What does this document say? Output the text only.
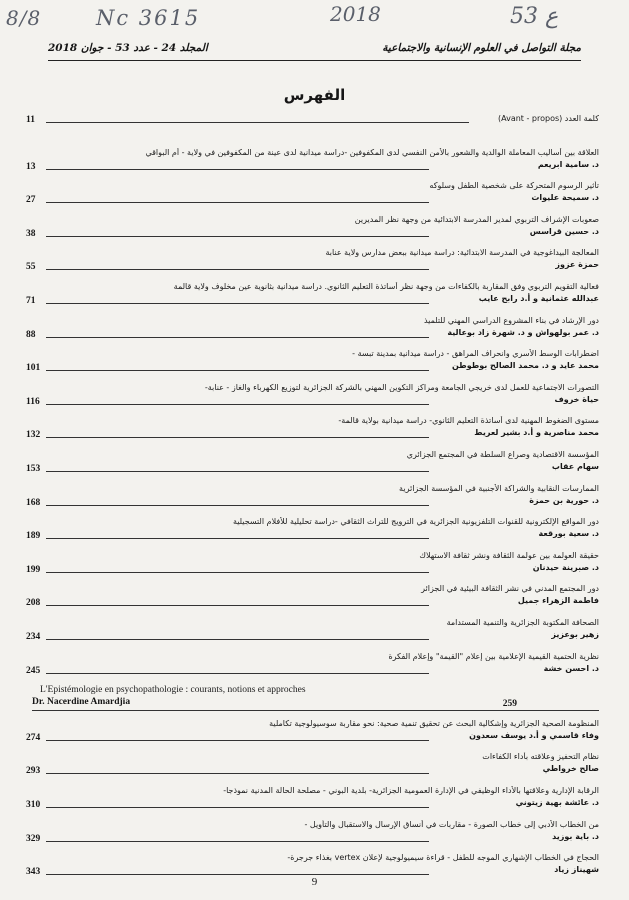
8/8	Nc 3615	2018	53 ع
المجلد 24 - عدد 53 - جوان 2018	مجلة التواصل في العلوم الإنسانية والاجتماعية
الفهرس
كلمة العدد (Avant - propos)
11
العلاقة بين أساليب المعاملة الوالدية والشعور بالأمن النفسي لدى المكفوفين -دراسة ميدانية لدى عينة من المكفوفين في ولاية - أم البواقي
د. سامية ابريعم
13
تأثير الرسوم المتحركة على شخصية الطفل وسلوكه
د. سميحة عليوات
27
صعوبات الإشراف التربوي لمدير المدرسة الابتدائية من وجهة نظر المديرين
د. حسين قراسس
38
المعالجة البيداغوجية في المدرسة الابتدائية: دراسة ميدانية ببعض مدارس ولاية عنابة
حمزة عزوز
55
فعالية التقويم التربوي وفق المقاربة بالكفاءات من وجهة نظر أساتذة التعليم الثانوي. دراسة ميدانية بثانوية عين مخلوف ولاية قالمة
عبدالله عثمانية و أ.د رابح عايب
71
دور الإرشاد في بناء المشروع الدراسي المهني للتلميذ
د. عمر بولهواش و د. شهرة زاد بوعالية
88
اضطرابات الوسط الأسري وانحراف المراهق - دراسة ميدانية بمدينة تبسة -
محمد عايد و د. محمد الصالح بوطوطن
101
التصورات الاجتماعية للعمل لدى خريجي الجامعة ومراكز التكوين المهني بالشركة الجزائرية لتوزيع الكهرباء والغاز - عنابة-
حياة خروف
116
مستوى الضغوط المهنية لدى أساتذة التعليم الثانوي- دراسة ميدانية بولاية قالمة-
محمد مناصرية و أ.د بشير لعريط
132
المؤسسة الاقتصادية وصراع السلطة في المجتمع الجزائري
سهام عقاب
153
الممارسات النقابية والشراكة الأجنبية في المؤسسة الجزائرية
د. حورية بن حمزة
168
دور المواقع الإلكترونية للقنوات التلفزيونية الجزائرية في الترويج للتراث الثقافي -دراسة تحليلية للأفلام التسجيلية
د. سعية بورقعة
189
حقيقة العولمة بين عولمة الثقافة ونشر ثقافة الاستهلاك
د. صبرينة حيدنان
199
دور المجتمع المدني في نشر الثقافة البيئية في الجزائر
فاطمة الزهراء جميل
208
الصحافة المكتوبة الجزائرية والتنمية المستدامة
زهير بوعزيز
234
نظرية الحتمية القيمية الإعلامية بين إعلام "القيمة" وإعلام الفكرة
د. احسن خشة
245
L'Epistémologie en psychopathologie : courants, notions et approches
Dr. Nacerdine Amardjia	259
المنظومة الصحية الجزائرية وإشكالية البحث عن تحقيق تنمية صحية: نحو مقاربة سوسيولوجية تكاملية
وفاء قاسمي و أ.د يوسف سعدون
274
نظام التحفيز وعلاقته بأداء الكفاءات
صالح خرواطي
293
الرقابة الإدارية وعلاقتها بالأداء الوظيفي في الإدارة العمومية الجزائرية- بلدية البوني - مصلحة الحالة المدنية نموذجا-
د. عائشة بهية زيتوني
310
من الخطاب الأدبي إلى خطاب الصورة - مقاربات في أنساق الإرسال والاستقبال والتأويل -
د. باية بوزيد
329
الحجاج في الخطاب الإشهاري الموجه للطفل - قراءة سيميولوجية لإعلان vertex بغذاء جرجرة-
شهيناز زياد
343
9
